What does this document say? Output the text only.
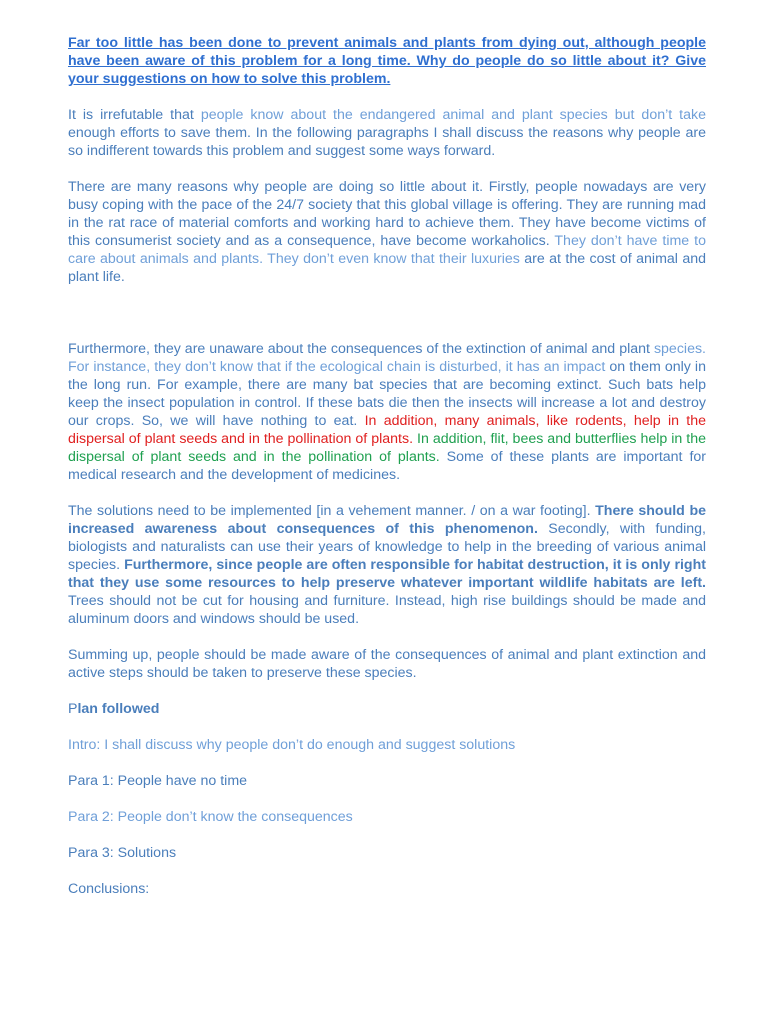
Far too little has been done to prevent animals and plants from dying out, although people have been aware of this problem for a long time. Why do people do so little about it? Give your suggestions on how to solve this problem.

It is irrefutable that people know about the endangered animal and plant species but don’t take enough efforts to save them. In the following paragraphs I shall discuss the reasons why people are so indifferent towards this problem and suggest some ways forward.

There are many reasons why people are doing so little about it. Firstly, people nowadays are very busy coping with the pace of the 24/7 society that this global village is offering. They are running mad in the rat race of material comforts and working hard to achieve them. They have become victims of this consumerist society and as a consequence, have become workaholics. They don’t have time to care about animals and plants. They don’t even know that their luxuries are at the cost of animal and plant life.

Furthermore, they are unaware about the consequences of the extinction of animal and plant species. For instance, they don’t know that if the ecological chain is disturbed, it has an impact on them only in the long run. For example, there are many bat species that are becoming extinct. Such bats help keep the insect population in control. If these bats die then the insects will increase a lot and destroy our crops. So, we will have nothing to eat. In addition, many animals, like rodents, help in the dispersal of plant seeds and in the pollination of plants. In addition, flit, bees and butterflies help in the dispersal of plant seeds and in the pollination of plants. Some of these plants are important for medical research and the development of medicines.

The solutions need to be implemented [in a vehement manner. / on a war footing]. There should be increased awareness about consequences of this phenomenon. Secondly, with funding, biologists and naturalists can use their years of knowledge to help in the breeding of various animal species. Furthermore, since people are often responsible for habitat destruction, it is only right that they use some resources to help preserve whatever important wildlife habitats are left. Trees should not be cut for housing and furniture. Instead, high rise buildings should be made and aluminum doors and windows should be used.

Summing up, people should be made aware of the consequences of animal and plant extinction and active steps should be taken to preserve these species.

Plan followed

Intro: I shall discuss why people don’t do enough and suggest solutions

Para 1: People have no time

Para 2: People don’t know the consequences

Para 3: Solutions

Conclusions:
